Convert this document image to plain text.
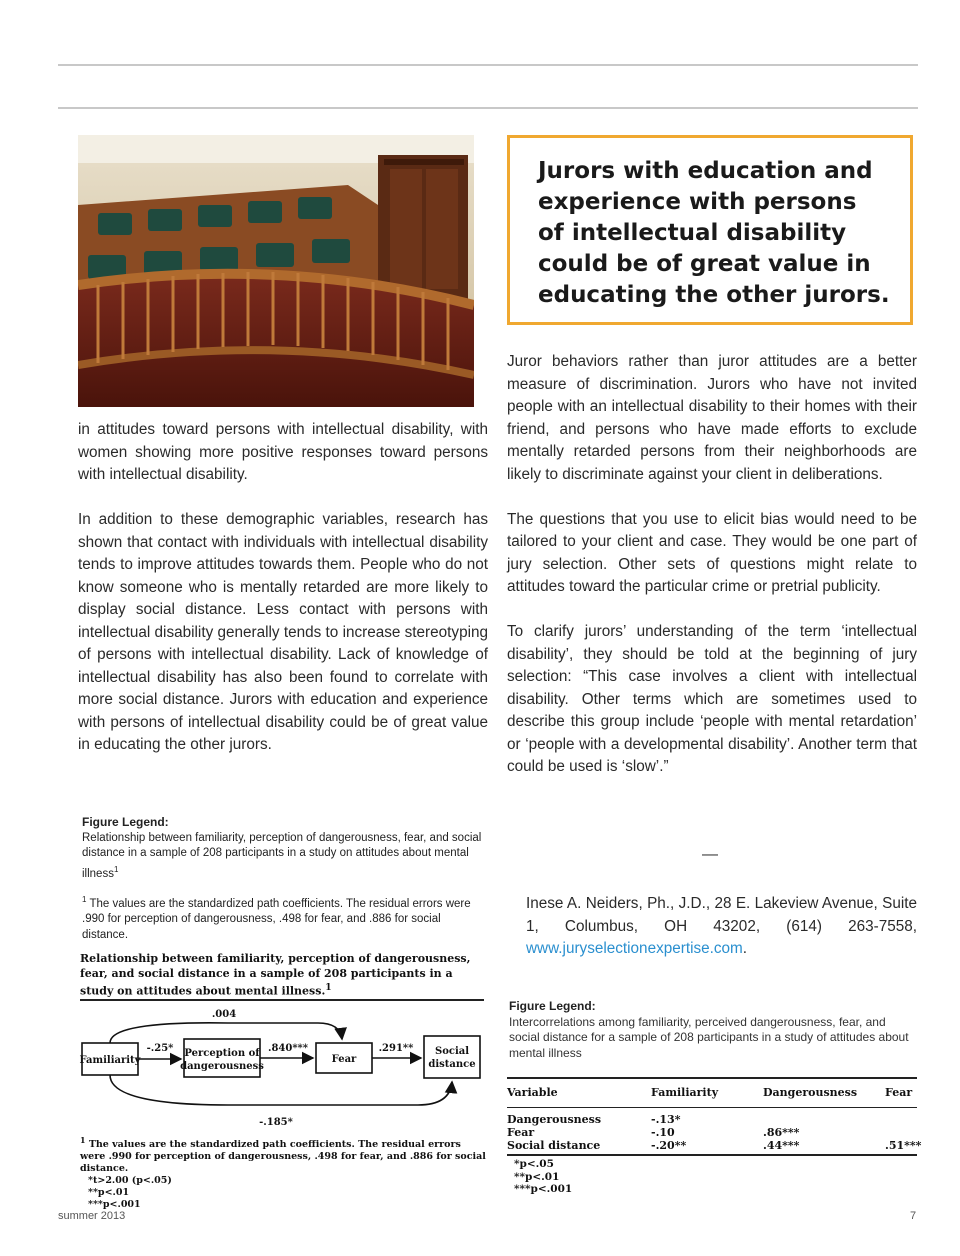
Jurors with education and experience with persons of intellectual disability could be of great value in educating the other jurors.

in attitudes toward persons with intellectual disability, with women showing more positive responses toward persons with intellectual disability.

In addition to these demographic variables, research has shown that contact with individuals with intellectual disability tends to improve attitudes towards them. People who do not know someone who is mentally retarded are more likely to display social distance. Less contact with persons with intellectual disability generally tends to increase stereotyping of persons with intellectual disability. Lack of knowledge of intellectual disability has also been found to correlate with more social distance. Jurors with education and experience with persons of intellectual disability could be of great value in educating the other jurors.

Juror behaviors rather than juror attitudes are a better measure of discrimination. Jurors who have not invited people with an intellectual disability to their homes with their friend, and persons who have made efforts to exclude mentally retarded persons from their neighborhoods are likely to discriminate against your client in deliberations.

The questions that you use to elicit bias would need to be tailored to your client and case. They would be one part of jury selection. Other sets of questions might relate to attitudes toward the particular crime or pretrial publicity.

To clarify jurors’ understanding of the term ‘intellectual disability’, they should be told at the beginning of jury selection: “This case involves a client with intellectual disability. Other terms which are sometimes used to describe this group include ‘people with mental retardation’ or ‘people with a developmental disability’. Another term that could be used is ‘slow’.”

—
Inese A. Neiders, Ph., J.D., 28 E. Lakeview Avenue, Suite 1, Columbus, OH 43202, (614) 263-7558, www.juryselectionexpertise.com.
Figure Legend:
Relationship between familiarity, perception of dangerousness, fear, and social distance in a sample of 208 participants in a study on attitudes about mental illness$^1$
$^1$ The values are the standardized path coefficients. The residual errors were .990 for perception of dangerousness, .498 for fear, and .886 for social distance.
Relationship between familiarity, perception of dangerousness, fear, and social distance in a sample of 208 participants in a study on attitudes about mental illness.$^1$
Familiarity
Perception of
dangerousness
Fear
Social
distance
-.25*	.840***	.291**
.004
-.185*
$^1$ The values are the standardized path coefficients. The residual errors were .990 for perception of dangerousness, .498 for fear, and .886 for social distance.
*t>2.00 (p<.05)
**p<.01
***p<.001
Figure Legend:
Intercorrelations among familiarity, perceived dangerousness, fear, and social distance for a sample of 208 participants in a study of attitudes about mental illness
Variable	Familiarity	Dangerousness	Fear
Dangerousness	-.13*
Fear	-.10	.86***
Social distance	-.20**	.44***	.51***
*p<.05
**p<.01
***p<.001
summer 2013	7
